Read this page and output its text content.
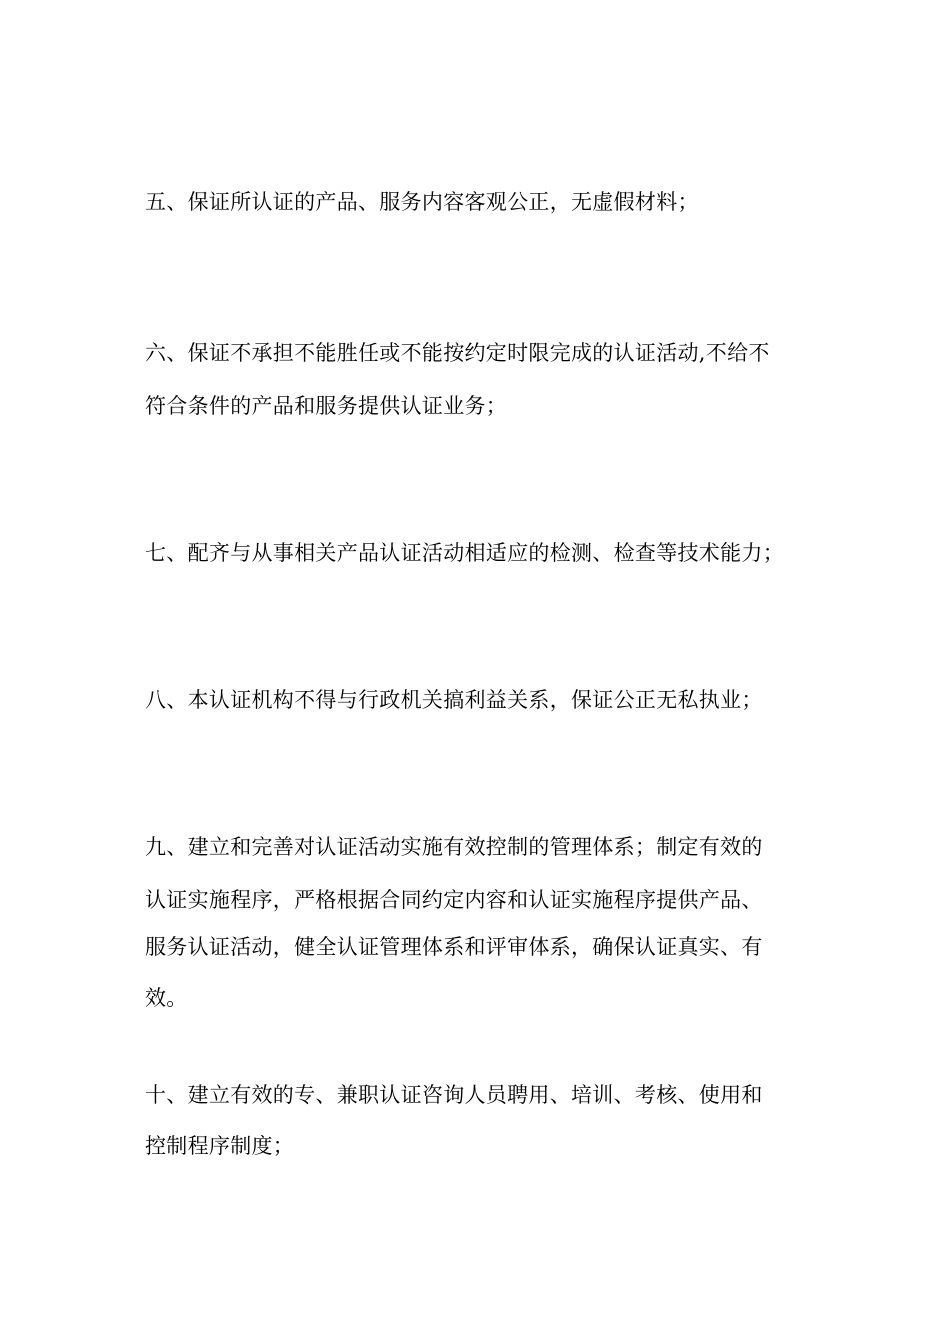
五、保证所认证的产品、服务内容客观公正，无虚假材料；
六、保证不承担不能胜任或不能按约定时限完成的认证活动,不给不
符合条件的产品和服务提供认证业务；
七、配齐与从事相关产品认证活动相适应的检测、检查等技术能力；
八、本认证机构不得与行政机关搞利益关系，保证公正无私执业；
九、建立和完善对认证活动实施有效控制的管理体系；制定有效的
认证实施程序，严格根据合同约定内容和认证实施程序提供产品、
服务认证活动，健全认证管理体系和评审体系，确保认证真实、有
效。
十、建立有效的专、兼职认证咨询人员聘用、培训、考核、使用和
控制程序制度；
